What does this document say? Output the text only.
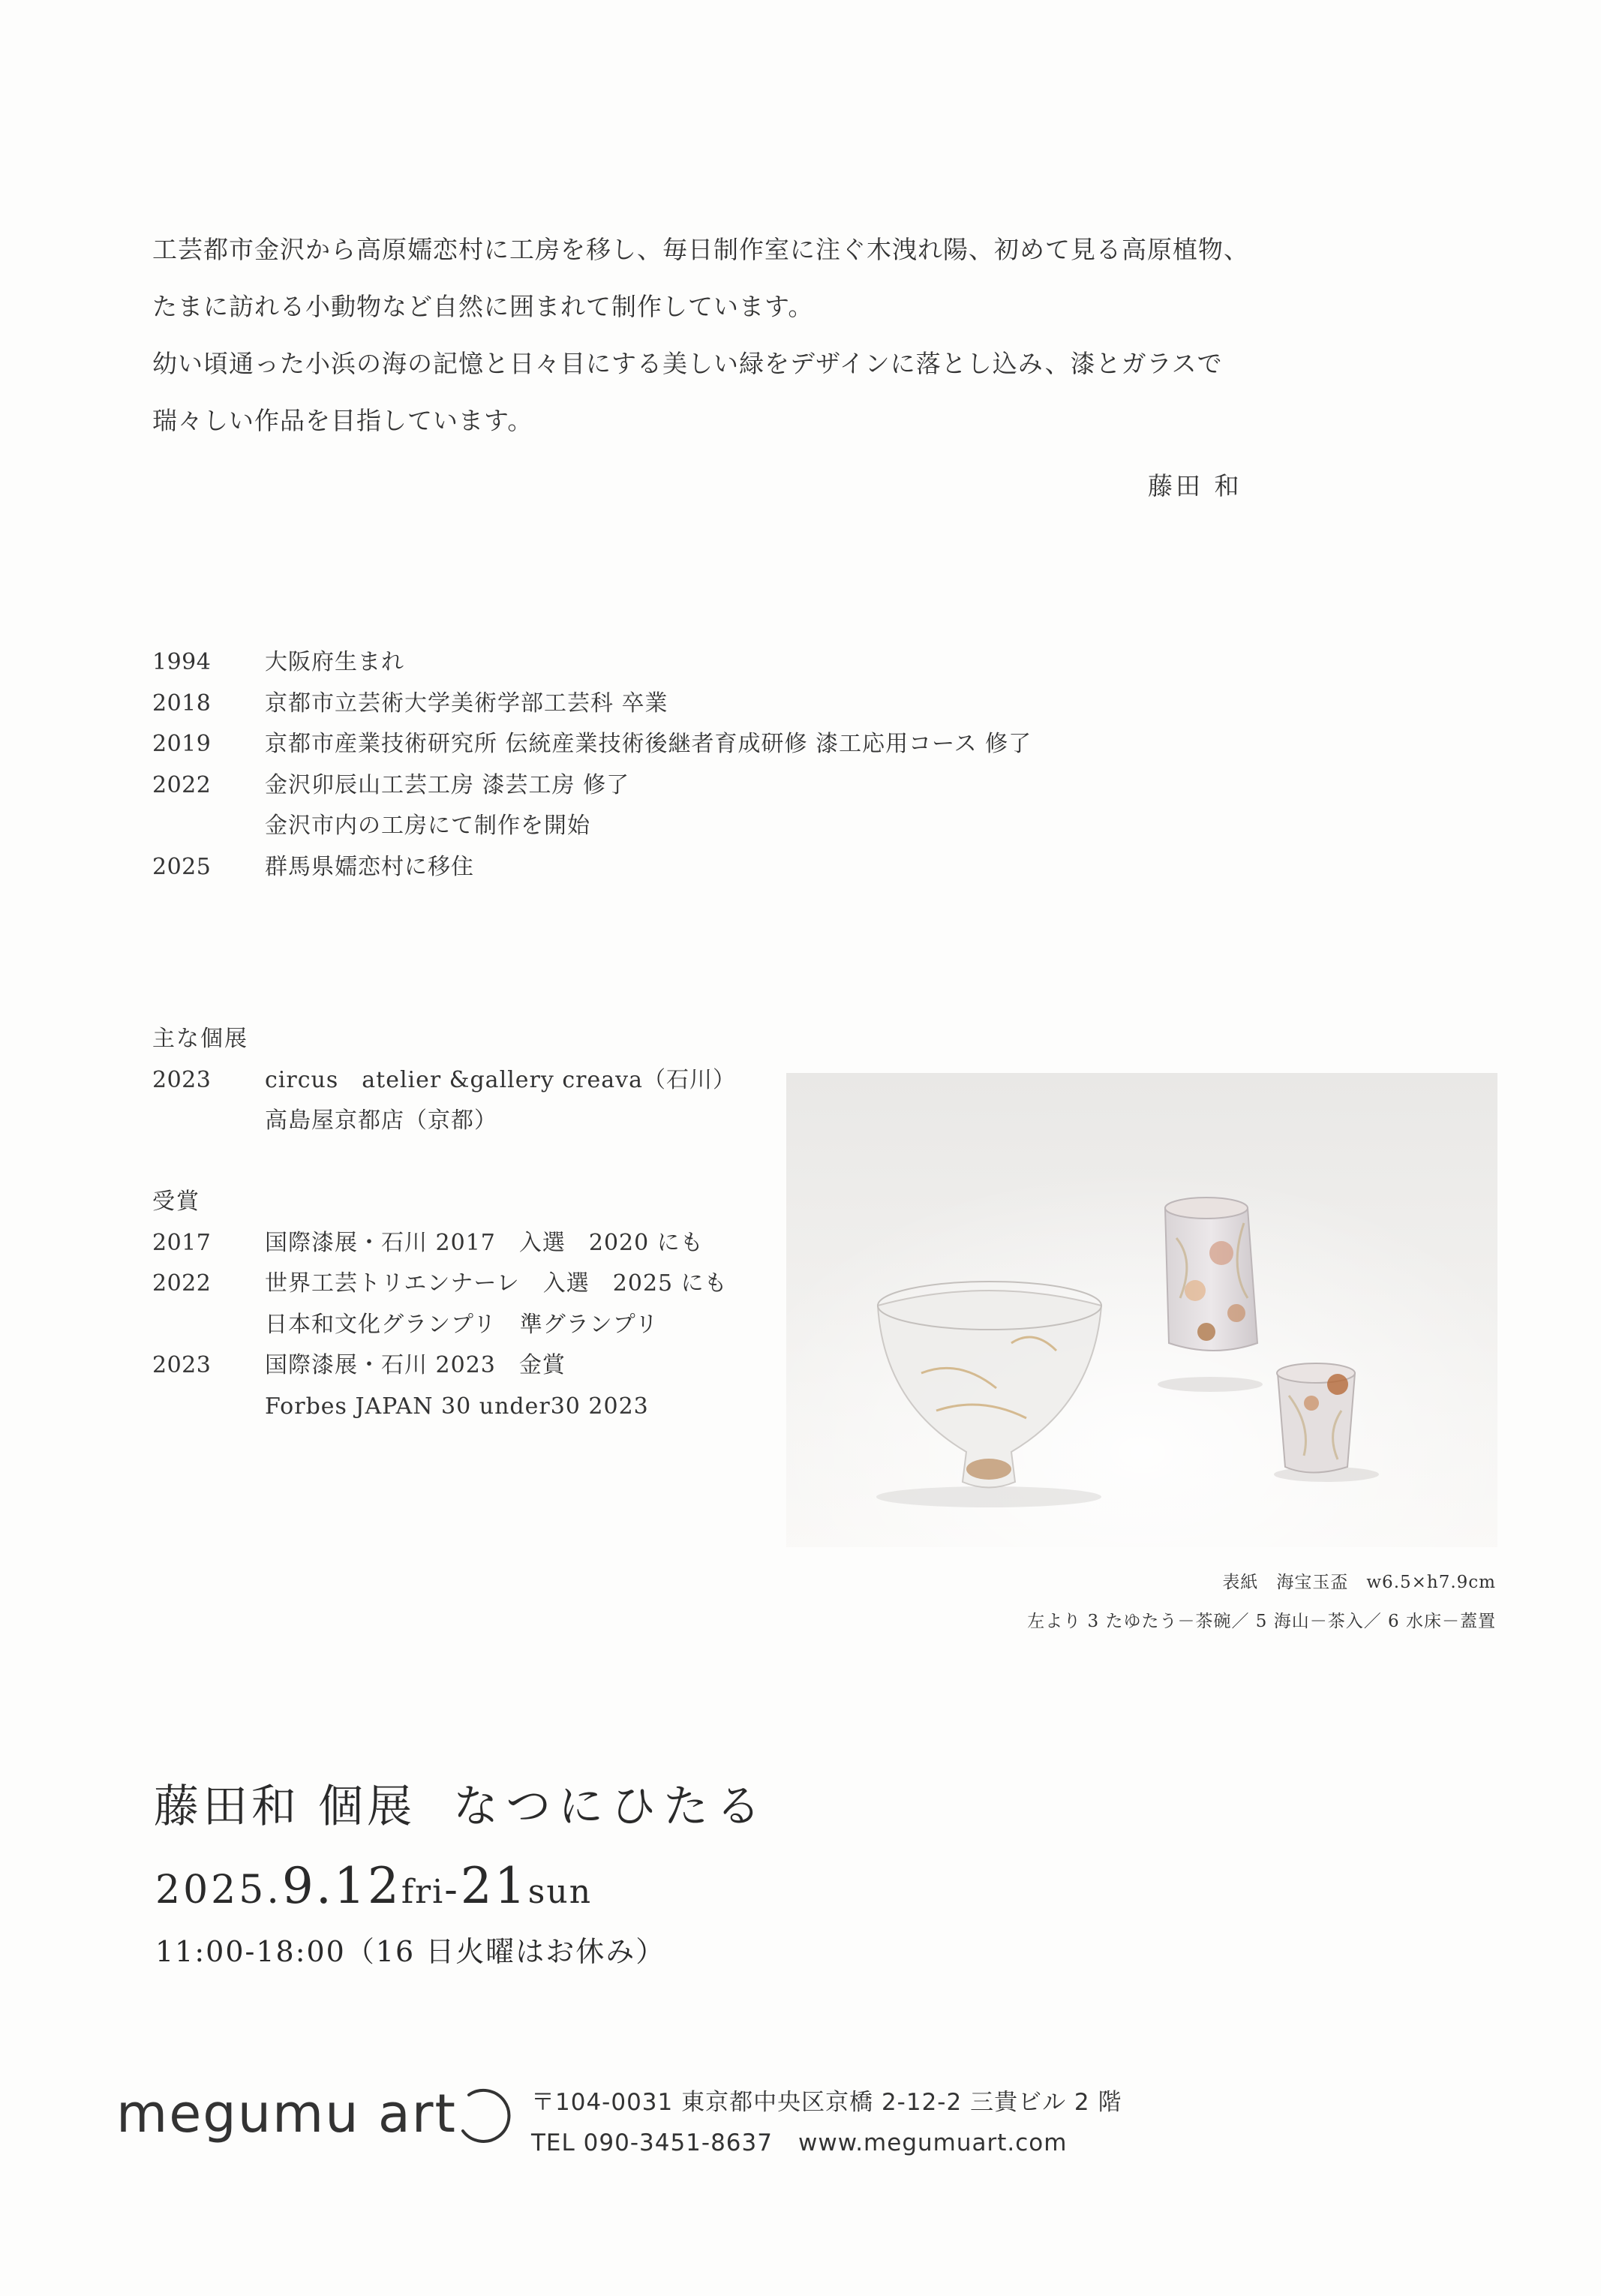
工芸都市金沢から高原嬬恋村に工房を移し、毎日制作室に注ぐ木洩れ陽、初めて見る高原植物、

たまに訪れる小動物など自然に囲まれて制作しています。

幼い頃通った小浜の海の記憶と日々目にする美しい緑をデザインに落とし込み、漆とガラスで

瑞々しい作品を目指しています。

藤田 和
1994	大阪府生まれ
2018	京都市立芸術大学美術学部工芸科 卒業
2019	京都市産業技術研究所 伝統産業技術後継者育成研修 漆工応用コース 修了
2022	金沢卯辰山工芸工房 漆芸工房 修了
金沢市内の工房にて制作を開始
2025	群馬県嬬恋村に移住
主な個展
2023	circus　atelier &gallery creava（石川）
高島屋京都店（京都）
受賞
2017	国際漆展・石川 2017　入選　2020 にも
2022	世界工芸トリエンナーレ　入選　2025 にも
日本和文化グランプリ　準グランプリ
2023	国際漆展・石川 2023　金賞
Forbes JAPAN 30 under30 2023
表紙　海宝玉盃　w6.5×h7.9cm
左より 3 たゆたう－茶碗／ 5 海山－茶入／ 6 水床－蓋置
藤田和 個展 なつにひたる
2025.9.12fri-21sun
11:00-18:00（16 日火曜はお休み）
megumu art	〒104-0031 東京都中央区京橋 2-12-2 三貴ビル 2 階
TEL 090-3451-8637 www.megumuart.com
